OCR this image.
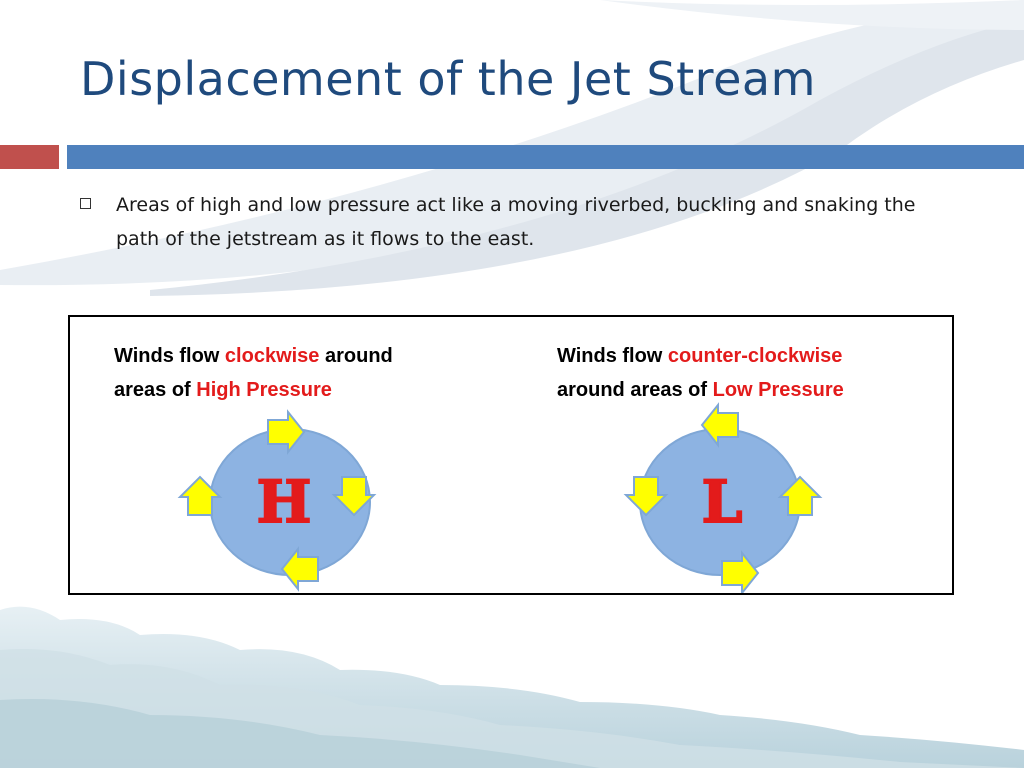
Displacement of the Jet Stream
Areas of high and low pressure act like a moving riverbed, buckling and snaking the path of the jetstream as it flows to the east.
H	L
Winds flow clockwise around
areas of High Pressure
Winds flow counter-clockwise
around areas of Low Pressure
